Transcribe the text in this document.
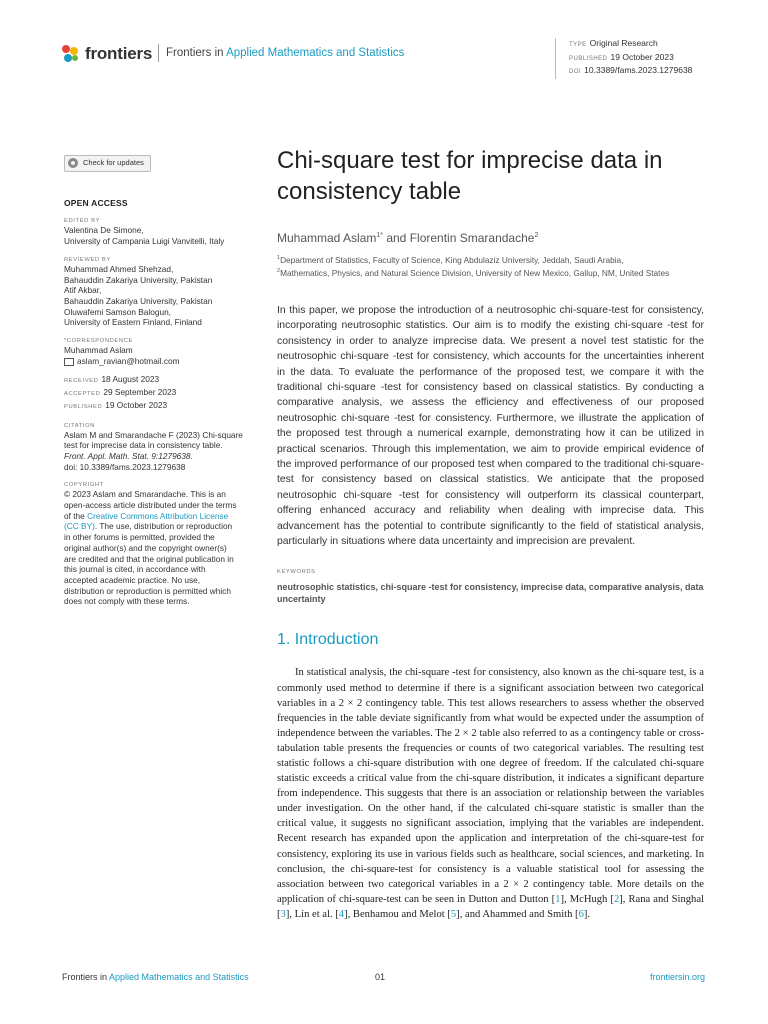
frontiers Frontiers in Applied Mathematics and Statistics
TYPE Original Research
PUBLISHED 19 October 2023
DOI 10.3389/fams.2023.1279638
Check for updates
OPEN ACCESS
EDITED BY
Valentina De Simone,
University of Campania Luigi Vanvitelli, Italy
REVIEWED BY
Muhammad Ahmed Shehzad,
Bahauddin Zakariya University, Pakistan
Atif Akbar,
Bahauddin Zakariya University, Pakistan
Oluwafemi Samson Balogun,
University of Eastern Finland, Finland
*CORRESPONDENCE
Muhammad Aslam
aslam_ravian@hotmail.com
RECEIVED 18 August 2023
ACCEPTED 29 September 2023
PUBLISHED 19 October 2023
CITATION
Aslam M and Smarandache F (2023) Chi-square
test for imprecise data in consistency table.
Front. Appl. Math. Stat. 9:1279638.
doi: 10.3389/fams.2023.1279638
COPYRIGHT
© 2023 Aslam and Smarandache. This is an
open-access article distributed under the terms
of the Creative Commons Attribution License
(CC BY). The use, distribution or reproduction
in other forums is permitted, provided the
original author(s) and the copyright owner(s)
are credited and that the original publication in
this journal is cited, in accordance with
accepted academic practice. No use,
distribution or reproduction is permitted which
does not comply with these terms.
Chi-square test for imprecise data in consistency table
Muhammad Aslam$^{1*}$ and Florentin Smarandache$^2$
$^1$Department of Statistics, Faculty of Science, King Abdulaziz University, Jeddah, Saudi Arabia,
$^2$Mathematics, Physics, and Natural Science Division, University of New Mexico, Gallup, NM, United States
In this paper, we propose the introduction of a neutrosophic chi-square-test for consistency, incorporating neutrosophic statistics. Our aim is to modify the existing chi-square -test for consistency in order to analyze imprecise data. We present a novel test statistic for the neutrosophic chi-square -test for consistency, which accounts for the uncertainties inherent in the data. To evaluate the performance of the proposed test, we compare it with the traditional chi-square -test for consistency based on classical statistics. By conducting a comparative analysis, we assess the efficiency and effectiveness of our proposed neutrosophic chi-square -test for consistency. Furthermore, we illustrate the application of the proposed test through a numerical example, demonstrating how it can be utilized in practical scenarios. Through this implementation, we aim to provide empirical evidence of the improved performance of our proposed test when compared to the traditional chi-square-test for consistency based on classical statistics. We anticipate that the proposed neutrosophic chi-square -test for consistency will outperform its classical counterpart, offering enhanced accuracy and reliability when dealing with imprecise data. This advancement has the potential to contribute significantly to the field of statistical analysis, particularly in situations where data uncertainty and imprecision are prevalent.
KEYWORDS
neutrosophic statistics, chi-square -test for consistency, imprecise data, comparative analysis, data uncertainty
1. Introduction

In statistical analysis, the chi-square -test for consistency, also known as the chi-square test, is a commonly used method to determine if there is a significant association between two categorical variables in a 2 × 2 contingency table. This test allows researchers to assess whether the observed frequencies in the table deviate significantly from what would be expected under the assumption of independence between the variables. The 2 × 2 table also referred to as a contingency table or cross-tabulation table presents the frequencies or counts of two categorical variables. The resulting test statistic follows a chi-square distribution with one degree of freedom. If the calculated chi-square statistic exceeds a critical value from the chi-square distribution, it indicates a significant departure from independence. This suggests that there is an association or relationship between the variables under investigation. On the other hand, if the calculated chi-square statistic is smaller than the critical value, it suggests no significant association, implying that the variables are independent. Recent research has expanded upon the application and interpretation of the chi-square-test for consistency, exploring its use in various fields such as healthcare, social sciences, and marketing. In conclusion, the chi-square-test for consistency is a valuable statistical tool for assessing the association between two categorical variables in a 2 × 2 contingency table. More details on the application of chi-square-test can be seen in Dutton and Dutton [1], McHugh [2], Rana and Singhal [3], Lin et al. [4], Benhamou and Melot [5], and Ahammed and Smith [6].

Frontiers in Applied Mathematics and Statistics	01	frontiersin.org
